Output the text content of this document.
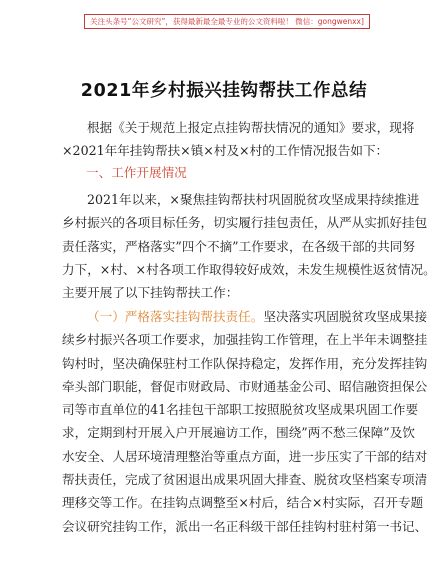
关注头条号“公文研究”，获得最新最全最专业的公文资料啦！ 微信：gongwenxx]
2021年乡村振兴挂钩帮扶工作总结
根据《关于规范上报定点挂钩帮扶情况的通知》要求，现将
×2021年年挂钩帮扶×镇×村及×村的工作情况报告如下：
一、工作开展情况
2021年以来，×聚焦挂钩帮扶村巩固脱贫攻坚成果持续推进
乡村振兴的各项目标任务，切实履行挂包责任，从严从实抓好挂包
责任落实，严格落实”四个不摘”工作要求，在各级干部的共同努
力下，×村、×村各项工作取得较好成效，未发生规模性返贫情况。
主要开展了以下挂钩帮扶工作：
（一）严格落实挂钩帮扶责任。坚决落实巩固脱贫攻坚成果接
续乡村振兴各项工作要求，加强挂钩工作管理，在上半年未调整挂
钩村时，坚决确保驻村工作队保持稳定，发挥作用，充分发挥挂钩
牵头部门职能，督促市财政局、市财通基金公司、昭信融资担保公
司等市直单位的41名挂包干部职工按照脱贫攻坚成果巩固工作要
求，定期到村开展入户开展遍访工作，围绕”两不愁三保障”及饮
水安全、人居环境清理整治等重点方面，进一步压实了干部的结对
帮扶责任，完成了贫困退出成果巩固大排查、脱贫攻坚档案专项清
理移交等工作。在挂钩点调整至×村后，结合×村实际，召开专题
会议研究挂钩工作，派出一名正科级干部任挂钩村驻村第一书记、
